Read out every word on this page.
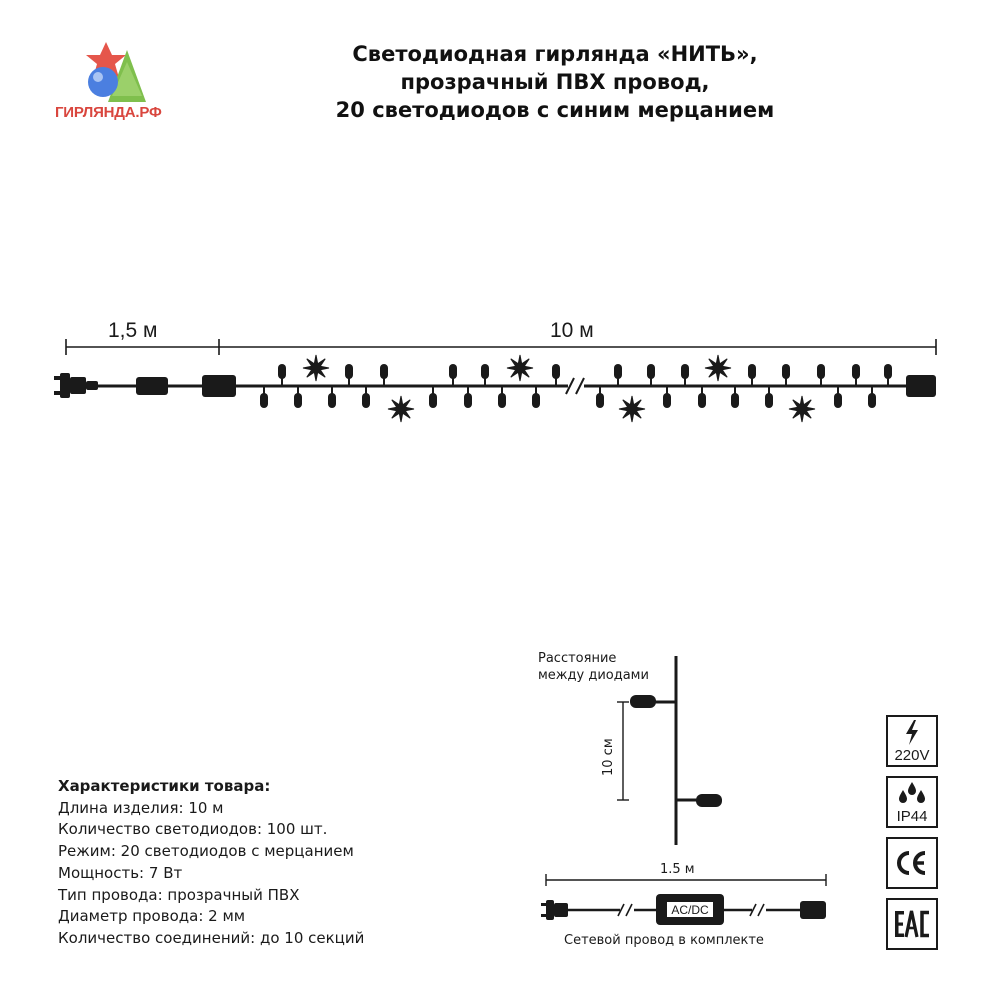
ГИРЛЯНДА.РФ
Светодиодная гирлянда «НИТЬ»,
прозрачный ПВХ провод,
20 светодиодов с синим мерцанием
AC/DC
1,5 м	10 м
Расстояние
между диодами
10 см
1.5 м
Сетевой провод в комплекте
Характеристики товара:
Длина изделия: 10 м
Количество светодиодов: 100 шт.
Режим: 20 светодиодов с мерцанием
Мощность: 7 Вт
Тип провода: прозрачный ПВХ
Диаметр провода: 2 мм
Количество соединений: до 10 секций
220V
IP44
